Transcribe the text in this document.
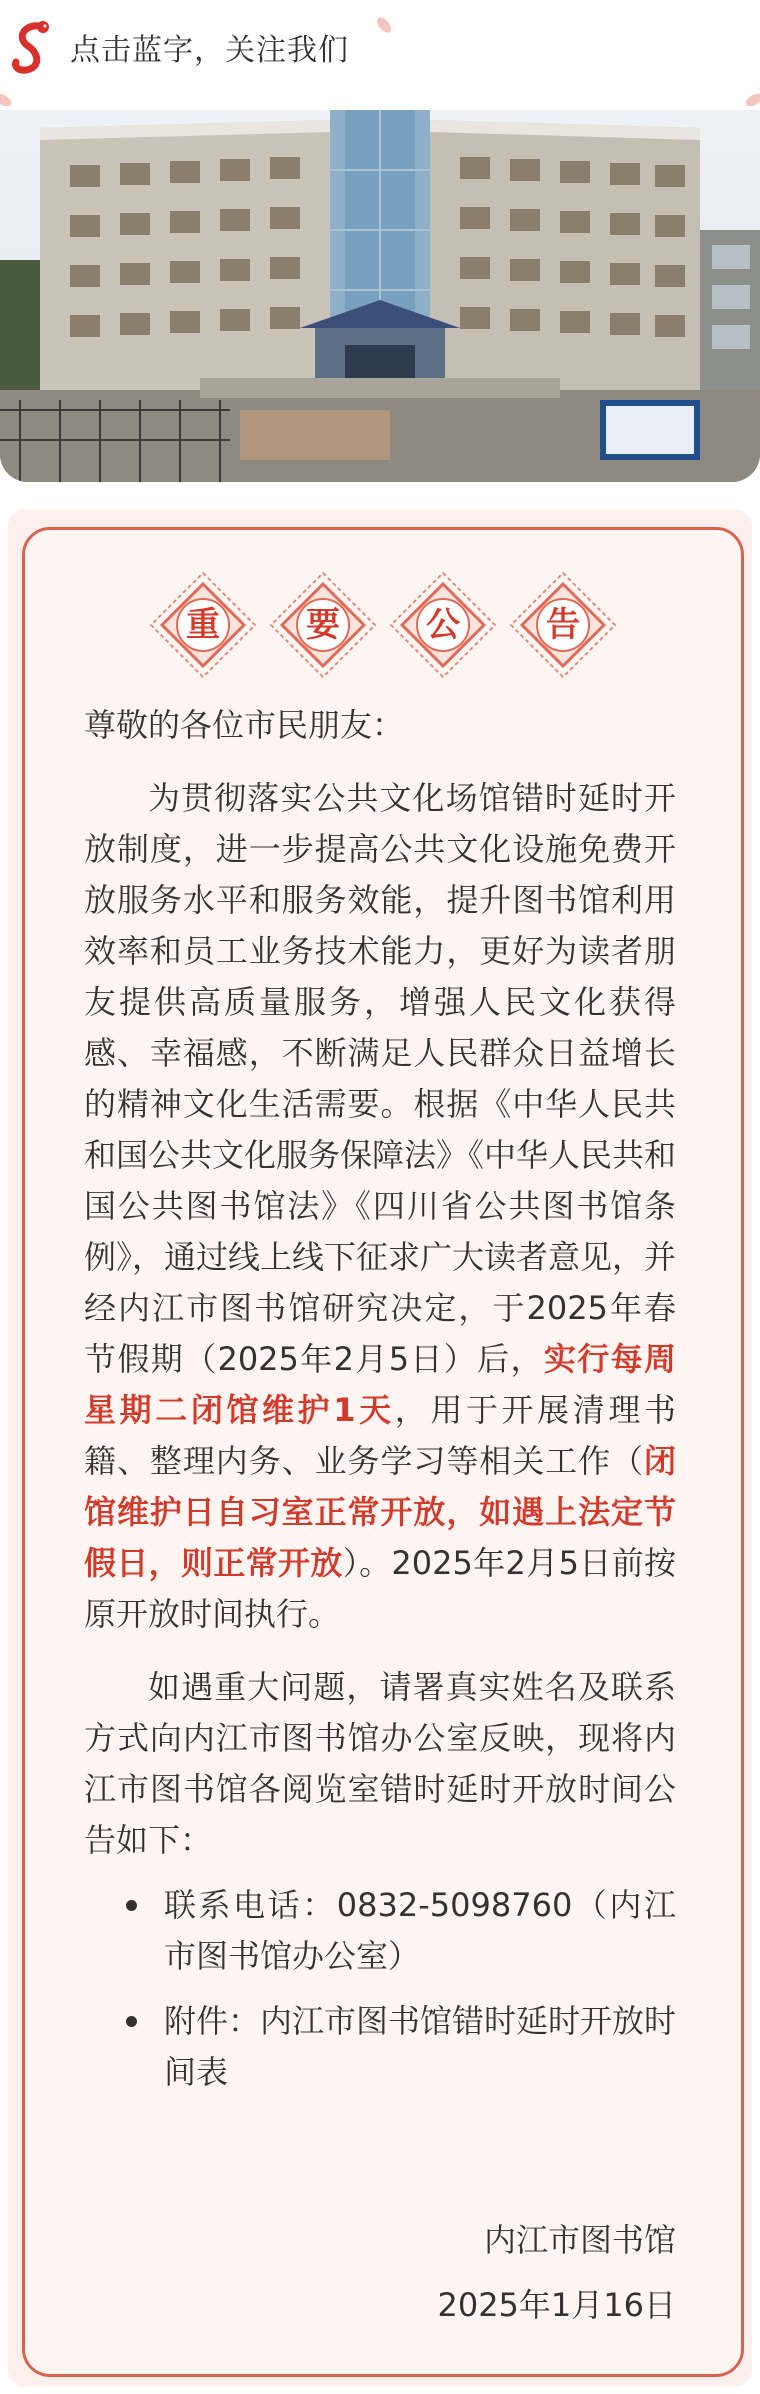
点击蓝字，关注我们
重	要	公	告

尊敬的各位市民朋友：

为贯彻落实公共文化场馆错时延时开放制度，进一步提高公共文化设施免费开放服务水平和服务效能，提升图书馆利用效率和员工业务技术能力，更好为读者朋友提供高质量服务，增强人民文化获得感、幸福感，不断满足人民群众日益增长的精神文化生活需要。根据《中华人民共和国公共文化服务保障法》《中华人民共和国公共图书馆法》《四川省公共图书馆条例》，通过线上线下征求广大读者意见，并经内江市图书馆研究决定，于2025年春节假期（2025年2月5日）后，实行每周星期二闭馆维护1天，用于开展清理书籍、整理内务、业务学习等相关工作（闭馆维护日自习室正常开放，如遇上法定节假日，则正常开放）。2025年2月5日前按原开放时间执行。

如遇重大问题，请署真实姓名及联系方式向内江市图书馆办公室反映，现将内江市图书馆各阅览室错时延时开放时间公告如下：

联系电话：0832-5098760（内江市图书馆办公室）
附件：内江市图书馆错时延时开放时间表
内江市图书馆
2025年1月16日
